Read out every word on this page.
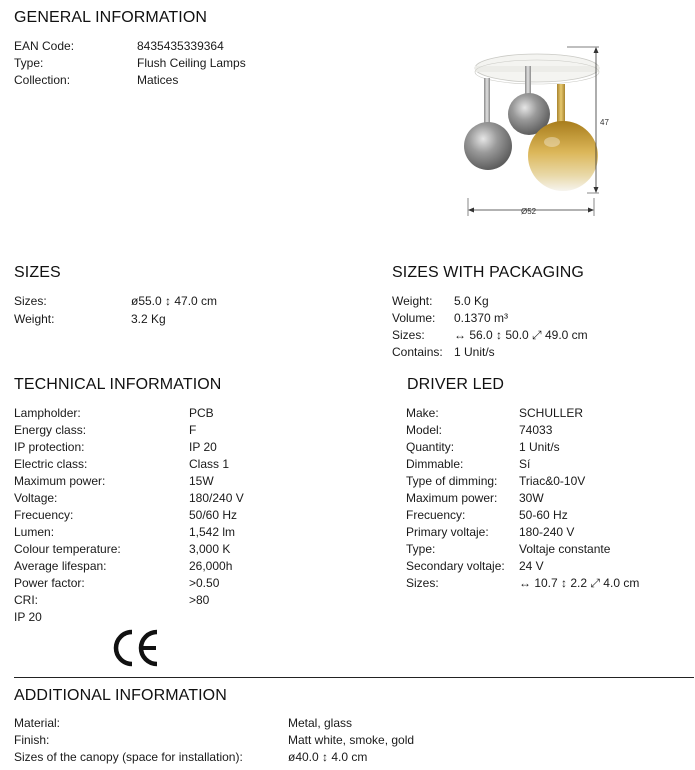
GENERAL INFORMATION
EAN Code:	8435435339364
Type:	Flush Ceiling Lamps
Collection:	Matices
47
Ø52
SIZES
Sizes:	ø55.0 ↕ 47.0 cm
Weight:	3.2 Kg
SIZES WITH PACKAGING
Weight: 5.0 Kg
Volume: 0.1370 m³
Sizes: ↔ 56.0 ↕ 50.0 ⤢ 49.0 cm
Contains: 1 Unit/s
TECHNICAL INFORMATION
Lampholder:	PCB
Energy class:	F
IP protection:	IP 20
Electric class:	Class 1
Maximum power:	15W
Voltage:	180/240 V
Frecuency:	50/60 Hz
Lumen:	1,542 lm
Colour temperature:	3,000 K
Average lifespan:	26,000h
Power factor:	>0.50
CRI:	>80
IP 20
DRIVER LED
Make:	SCHULLER
Model:	74033
Quantity:	1 Unit/s
Dimmable:	Sí
Type of dimming: Triac&0-10V
Maximum power: 30W
Frecuency:	50-60 Hz
Primary voltaje:	180-240 V
Type:	Voltaje constante
Secondary voltaje: 24 V
Sizes:	↔ 10.7 ↕ 2.2 ⤢ 4.0 cm
ADDITIONAL INFORMATION
Material:	Metal, glass
Finish:	Matt white, smoke, gold
Sizes of the canopy (space for installation):	ø40.0 ↕ 4.0 cm
